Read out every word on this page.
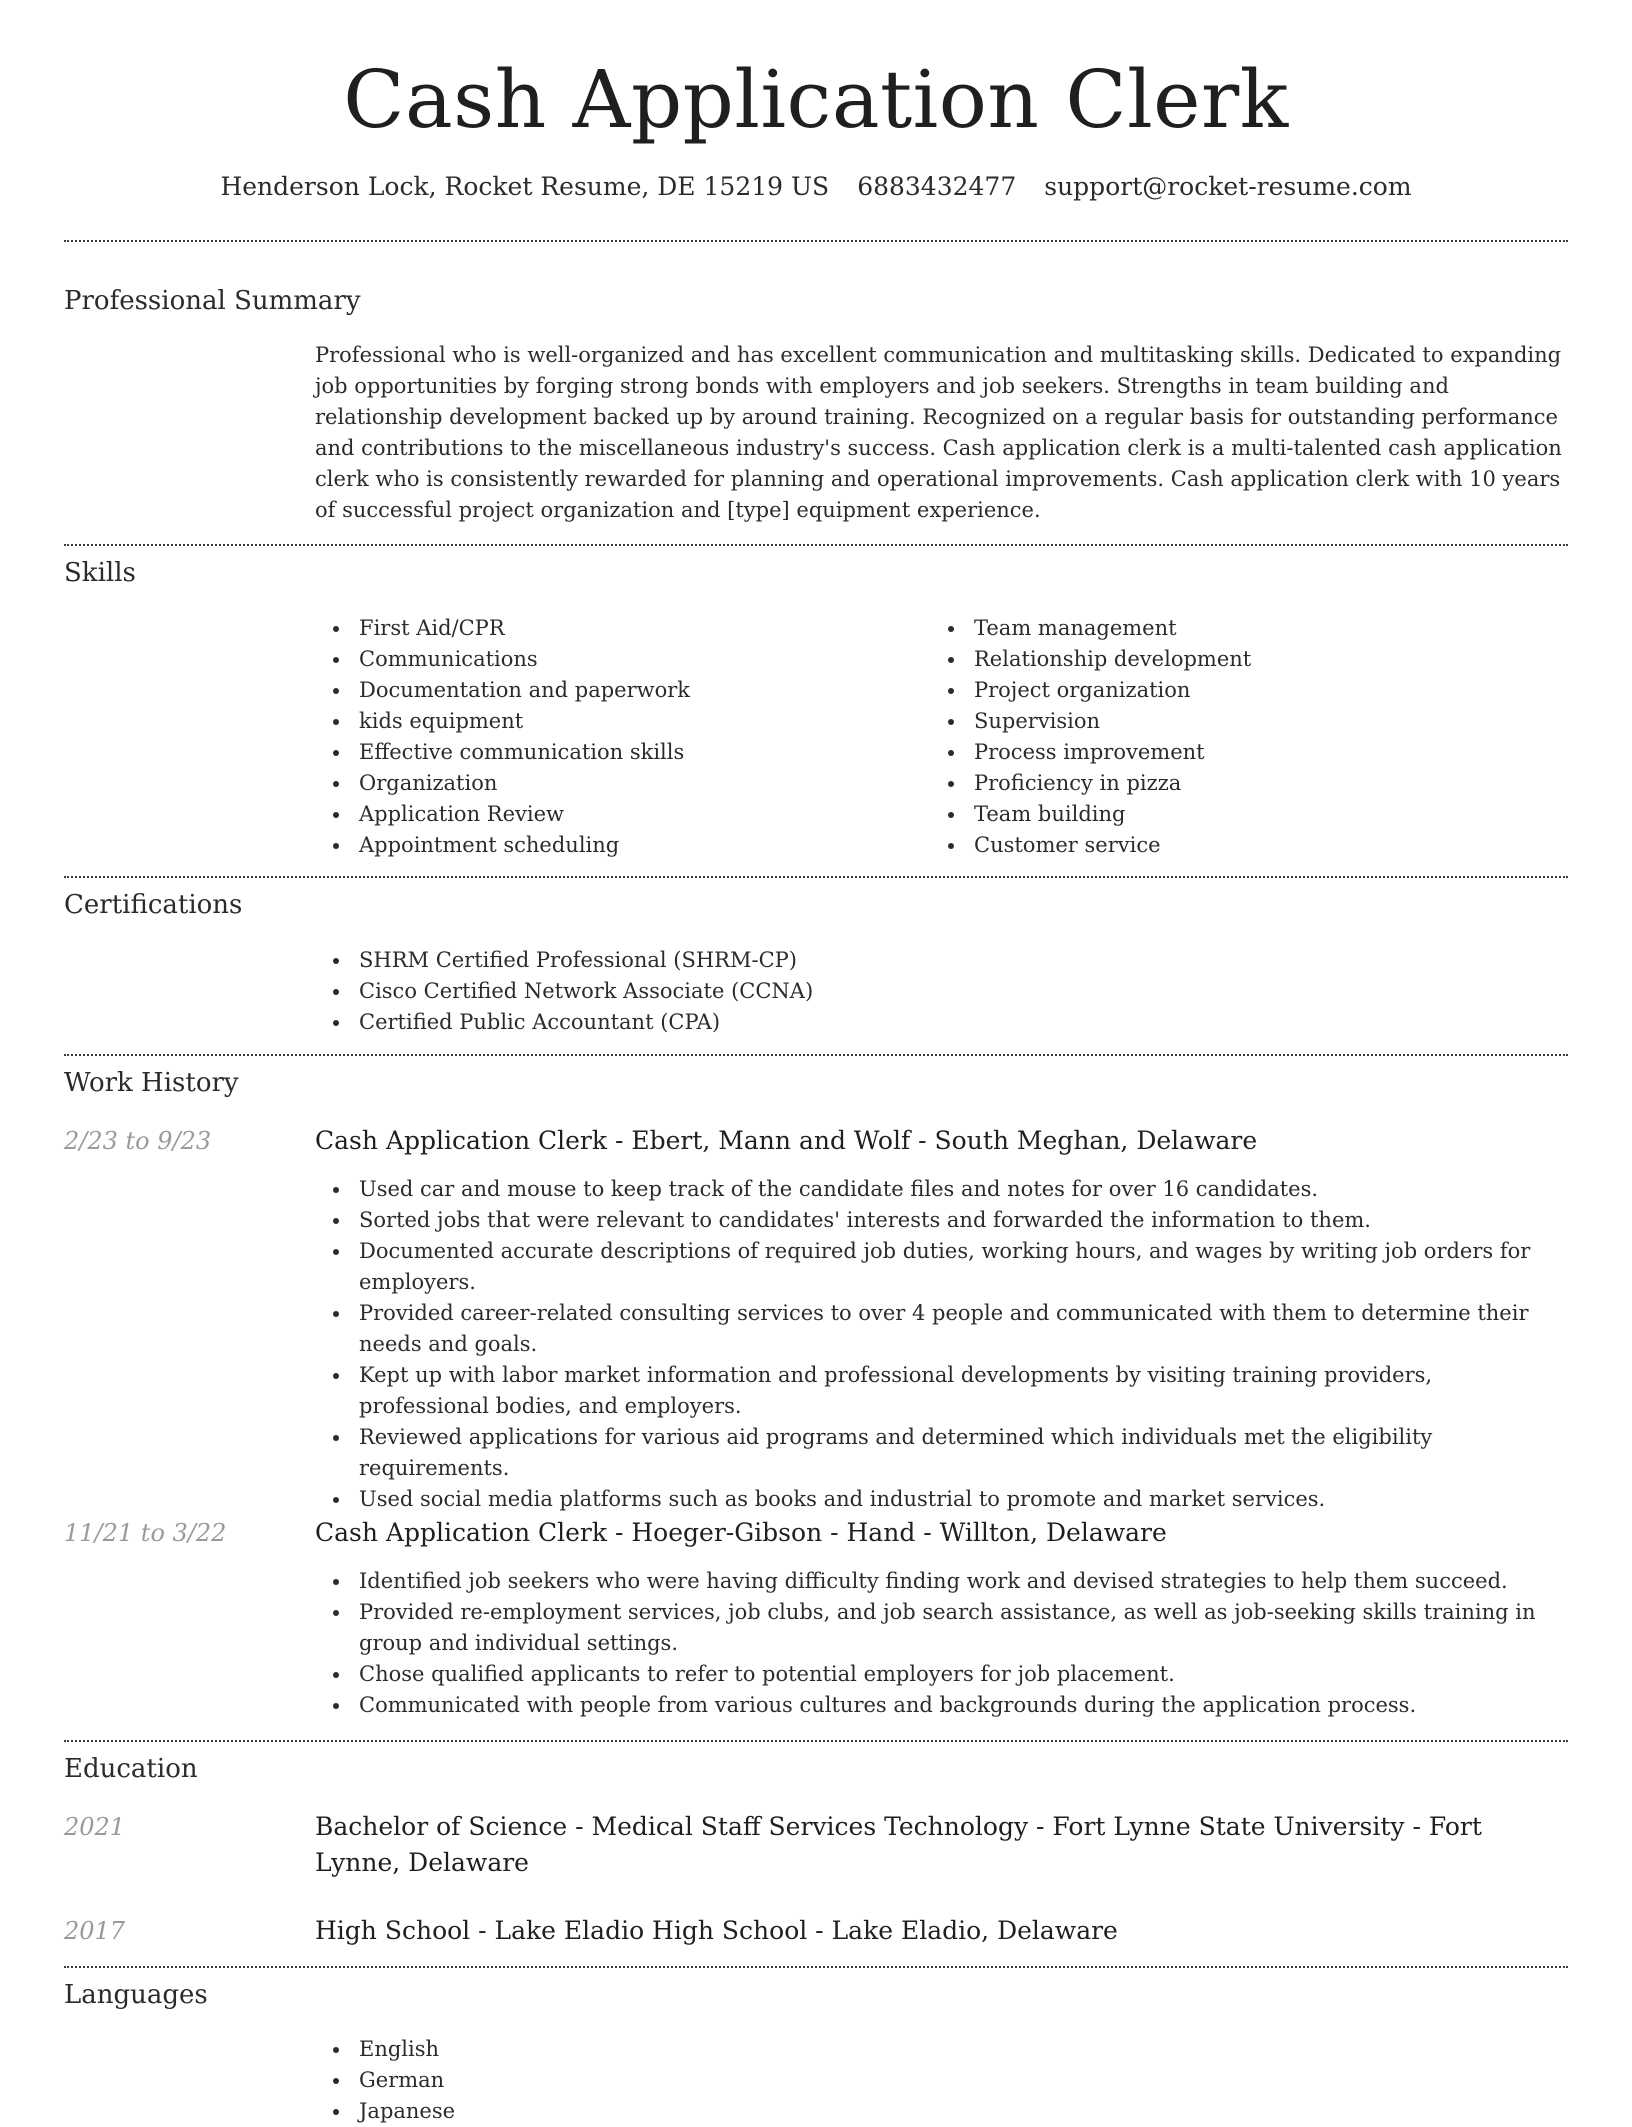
Cash Application Clerk
Henderson Lock, Rocket Resume, DE 15219 US 6883432477 support@rocket-resume.com
Professional Summary

Professional who is well-organized and has excellent communication and multitasking skills. Dedicated to expanding job opportunities by forging strong bonds with employers and job seekers. Strengths in team building and relationship development backed up by around training. Recognized on a regular basis for outstanding performance and contributions to the miscellaneous industry's success. Cash application clerk is a multi-talented cash application clerk who is consistently rewarded for planning and operational improvements. Cash application clerk with 10 years of successful project organization and [type] equipment experience.

Skills
First Aid/CPR
Communications
Documentation and paperwork
kids equipment
Effective communication skills
Organization
Application Review
Appointment scheduling
Team management
Relationship development
Project organization
Supervision
Process improvement
Proficiency in pizza
Team building
Customer service
Certifications
SHRM Certified Professional (SHRM-CP)
Cisco Certified Network Associate (CCNA)
Certified Public Accountant (CPA)
Work History
2/23 to 9/23	Cash Application Clerk - Ebert, Mann and Wolf - South Meghan, Delaware
Used car and mouse to keep track of the candidate files and notes for over 16 candidates.
Sorted jobs that were relevant to candidates' interests and forwarded the information to them.
Documented accurate descriptions of required job duties, working hours, and wages by writing job orders for employers.
Provided career-related consulting services to over 4 people and communicated with them to determine their needs and goals.
Kept up with labor market information and professional developments by visiting training providers, professional bodies, and employers.
Reviewed applications for various aid programs and determined which individuals met the eligibility requirements.
Used social media platforms such as books and industrial to promote and market services.
11/21 to 3/22	Cash Application Clerk - Hoeger-Gibson - Hand - Willton, Delaware
Identified job seekers who were having difficulty finding work and devised strategies to help them succeed.
Provided re-employment services, job clubs, and job search assistance, as well as job-seeking skills training in group and individual settings.
Chose qualified applicants to refer to potential employers for job placement.
Communicated with people from various cultures and backgrounds during the application process.
Education
2021	Bachelor of Science - Medical Staff Services Technology - Fort Lynne State University - Fort Lynne, Delaware
2017	High School - Lake Eladio High School - Lake Eladio, Delaware
Languages
English
German
Japanese
